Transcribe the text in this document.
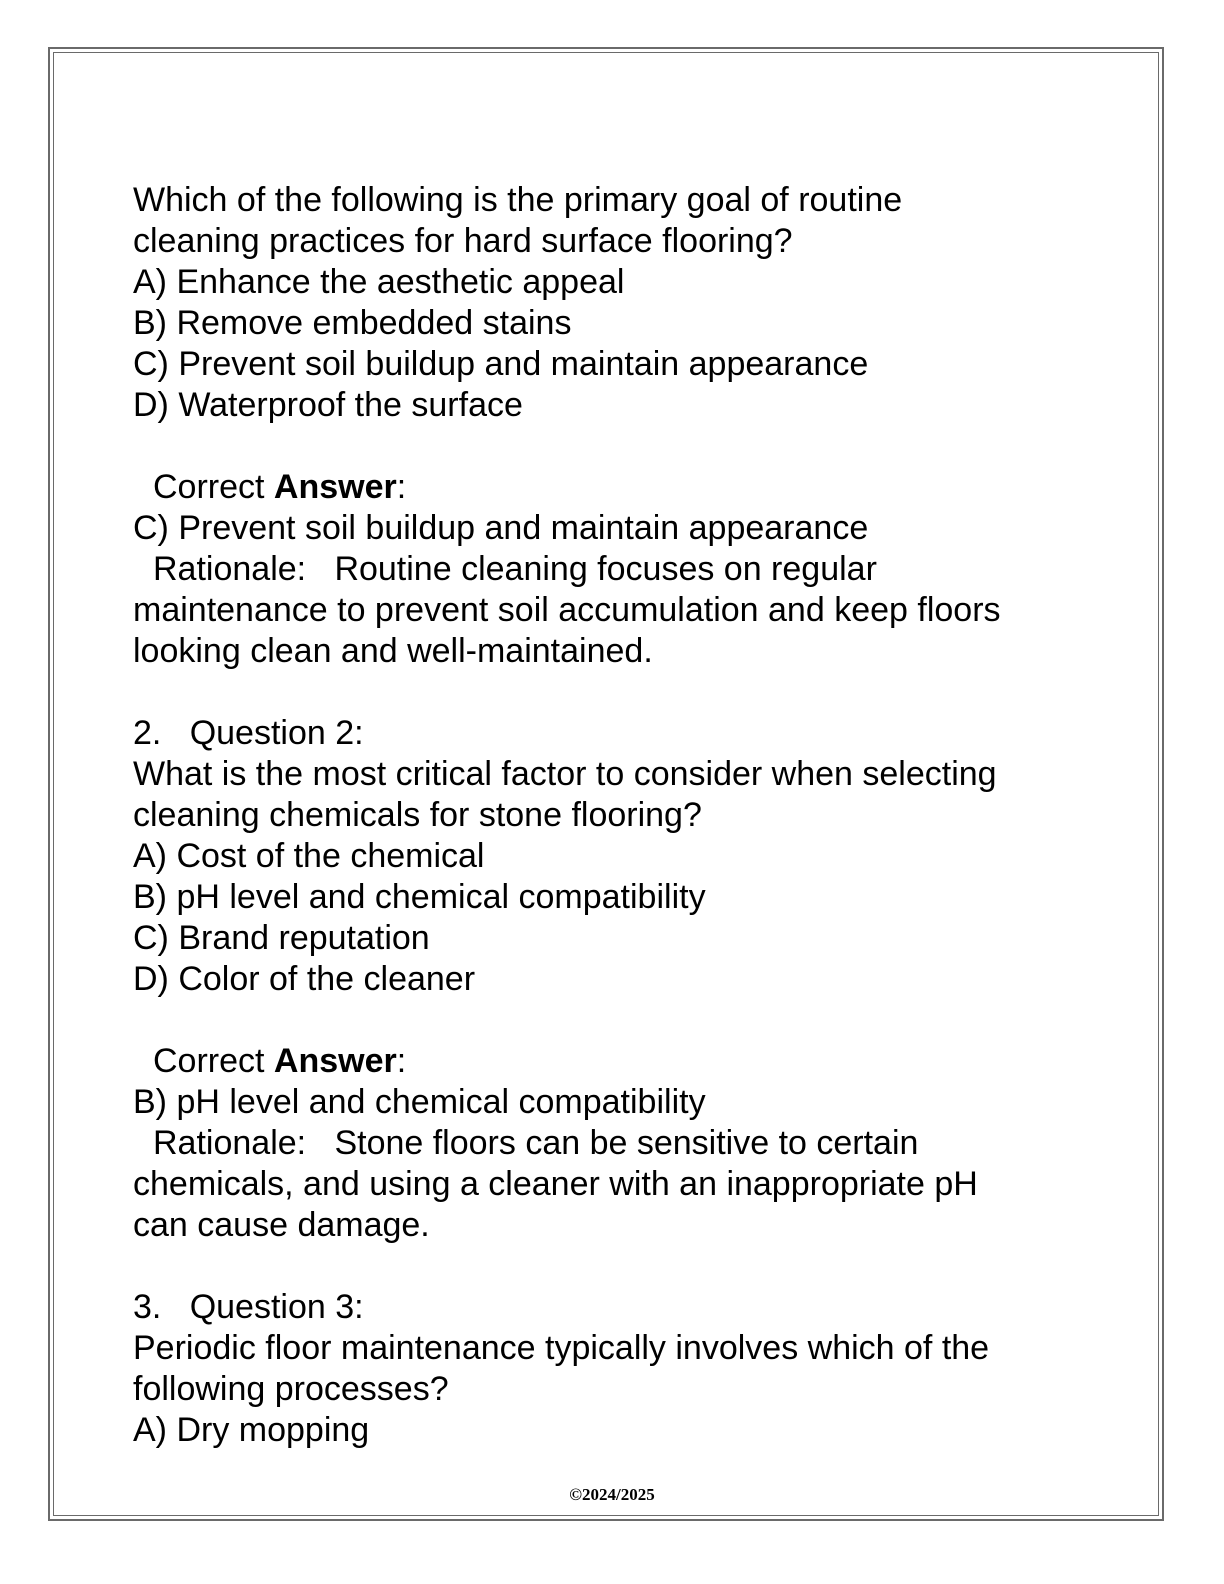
Which of the following is the primary goal of routine

cleaning practices for hard surface flooring?

A) Enhance the aesthetic appeal

B) Remove embedded stains

C) Prevent soil buildup and maintain appearance

D) Waterproof the surface

Correct Answer:

C) Prevent soil buildup and maintain appearance

Rationale:   Routine cleaning focuses on regular

maintenance to prevent soil accumulation and keep floors

looking clean and well-maintained.

2.   Question 2:

What is the most critical factor to consider when selecting

cleaning chemicals for stone flooring?

A) Cost of the chemical

B) pH level and chemical compatibility

C) Brand reputation

D) Color of the cleaner

Correct Answer:

B) pH level and chemical compatibility

Rationale:   Stone floors can be sensitive to certain

chemicals, and using a cleaner with an inappropriate pH

can cause damage.

3.   Question 3:

Periodic floor maintenance typically involves which of the

following processes?

A) Dry mopping

©2024/2025
